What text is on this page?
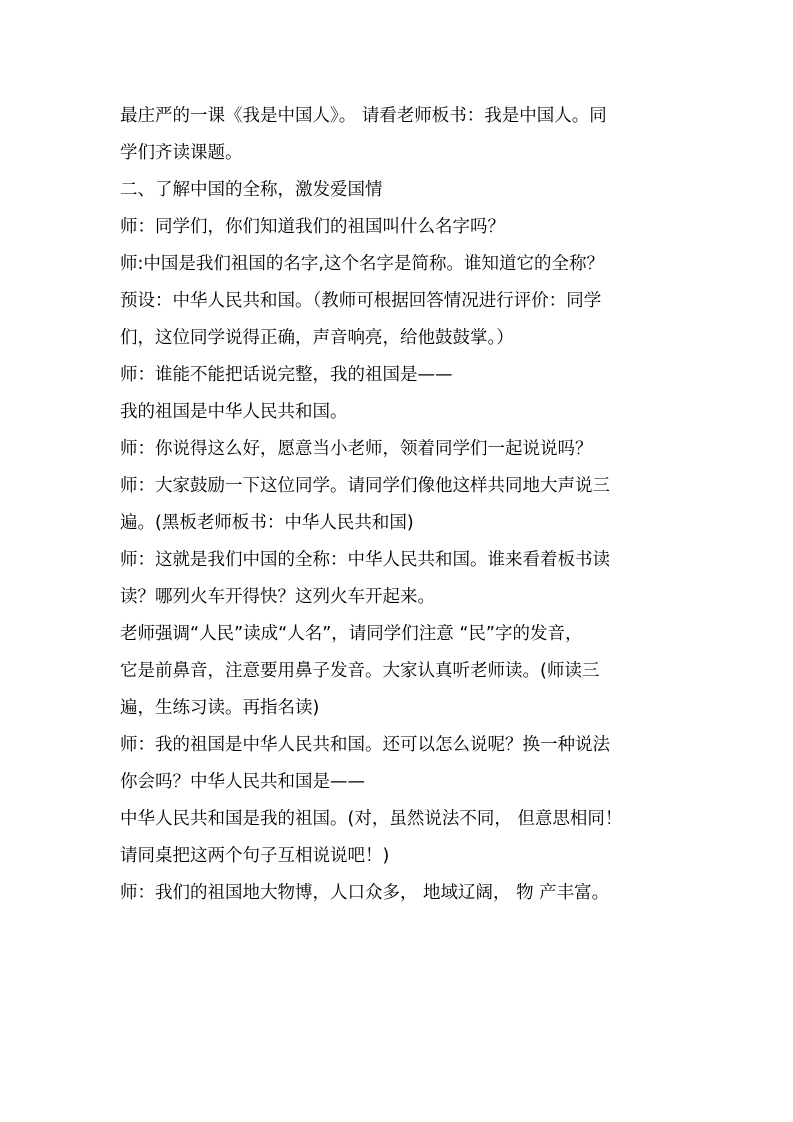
最庄严的一课《我是中国人》。 请看老师板书：我是中国人。同
学们齐读课题。
二、了解中国的全称，激发爱国情
师：同学们，你们知道我们的祖国叫什么名字吗？
师:中国是我们祖国的名字,这个名字是简称。谁知道它的全称？
预设：中华人民共和国。（教师可根据回答情况进行评价：同学
们，这位同学说得正确，声音响亮，给他鼓鼓掌。）
师：谁能不能把话说完整，我的祖国是——
我的祖国是中华人民共和国。
师：你说得这么好，愿意当小老师，领着同学们一起说说吗？
师：大家鼓励一下这位同学。请同学们像他这样共同地大声说三
遍。(黑板老师板书：中华人民共和国)
师：这就是我们中国的全称：中华人民共和国。谁来看着板书读
读？哪列火车开得快？这列火车开起来。
老师强调“人民”读成“人名”，请同学们注意 “民”字的发音，
它是前鼻音，注意要用鼻子发音。大家认真听老师读。(师读三
遍，生练习读。再指名读)
师：我的祖国是中华人民共和国。还可以怎么说呢？换一种说法
你会吗？中华人民共和国是——
中华人民共和国是我的祖国。(对，虽然说法不同， 但意思相同！
请同桌把这两个句子互相说说吧！)
师：我们的祖国地大物博，人口众多， 地域辽阔， 物 产丰富。
